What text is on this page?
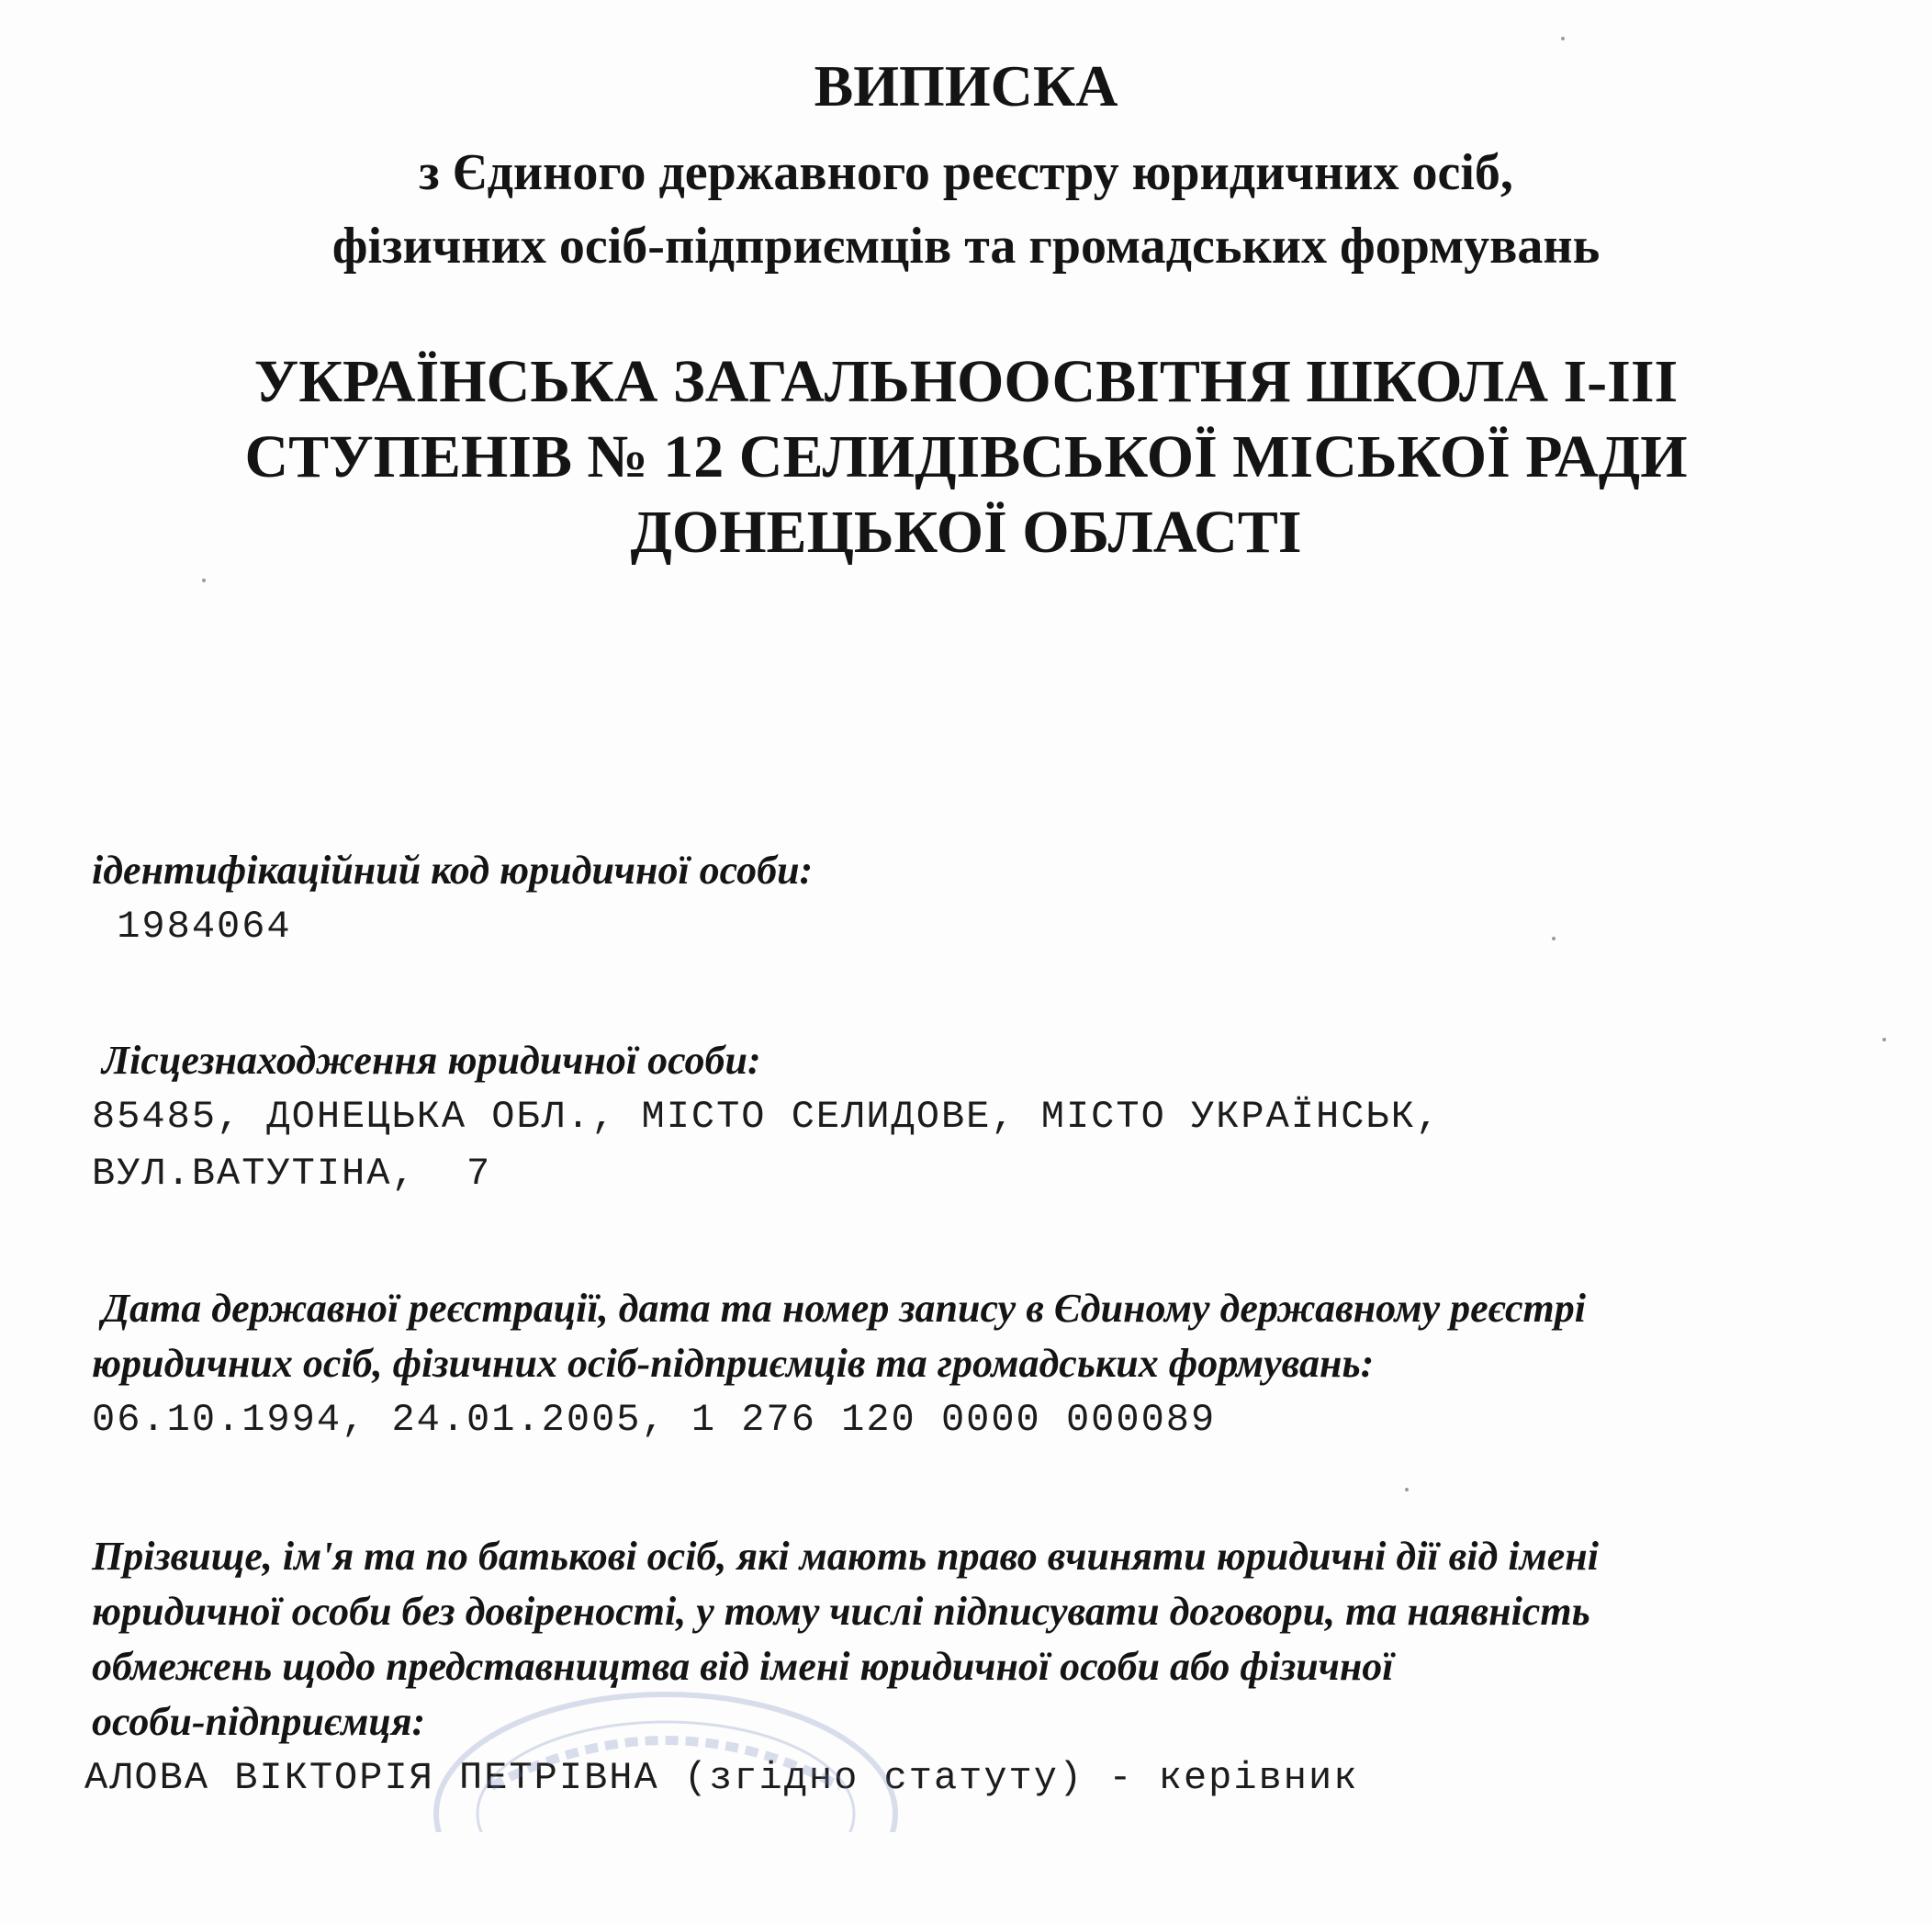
ВИПИСКА
з Єдиного державного реєстру юридичних осіб,
фізичних осіб-підприємців та громадських формувань
УКРАЇНСЬКА ЗАГАЛЬНООСВІТНЯ ШКОЛА І-ІІІ
СТУПЕНІВ № 12 СЕЛИДІВСЬКОЇ МІСЬКОЇ РАДИ
ДОНЕЦЬКОЇ ОБЛАСТІ

ідентифікаційний код юридичної особи:

1984064

Лісцезнаходження юридичної особи:

85485, ДОНЕЦЬКА ОБЛ., МІСТО СЕЛИДОВЕ, МІСТО УКРАЇНСЬК,

ВУЛ.ВАТУТІНА,  7

Дата державної реєстрації, дата та номер запису в Єдиному державному реєстрі

юридичних осіб, фізичних осіб-підприємців та громадських формувань:

06.10.1994, 24.01.2005, 1 276 120 0000 000089

Прізвище, ім'я та по батькові осіб, які мають право вчиняти юридичні дії від імені

юридичної особи без довіреності, у тому числі підписувати договори, та наявність

обмежень щодо представництва від імені юридичної особи або фізичної

особи-підприємця:

АЛОВА ВІКТОРІЯ ПЕТРІВНА (згідно статуту) - керівник
